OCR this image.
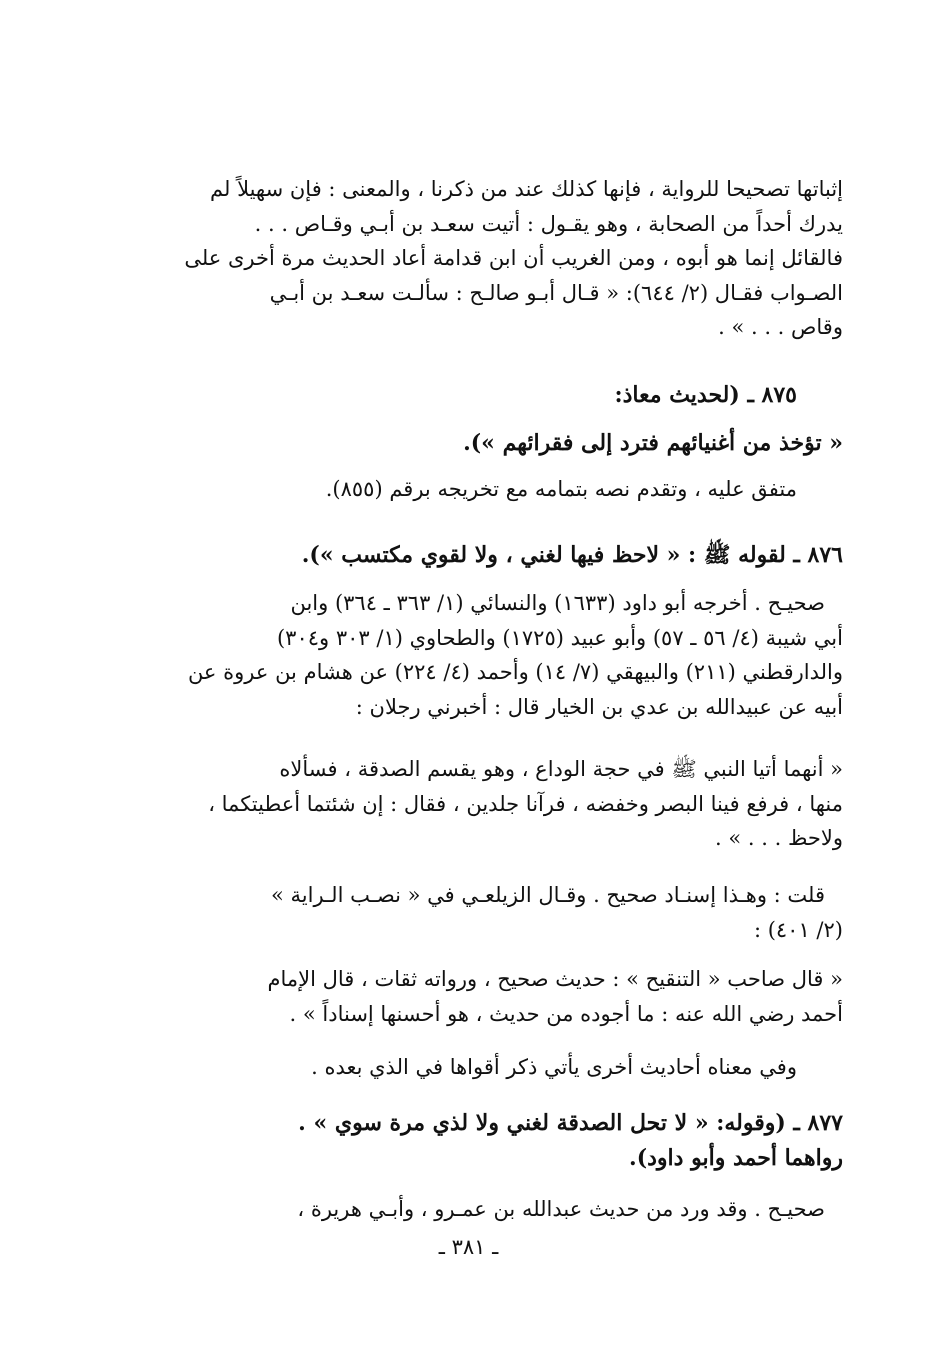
إثباتها تصحيحا للرواية ، فإنها كذلك عند من ذكرنا ، والمعنى : فإن سهيلاً لم
يدرك أحداً من الصحابة ، وهو يقـول : أتيت سعـد بن أبـي وقـاص . . .
فالقائل إنما هو أبوه ، ومن الغريب أن ابن قدامة أعاد الحديث مرة أخرى على
الصـواب فقـال (٢/ ٦٤٤): « قـال أبـو صالـح : سألـت سعـد بن أبـي
وقاص . . . » .
٨٧٥ ـ (لحديث معاذ:
« تؤخذ من أغنيائهم فترد إلى فقرائهم »).
متفق عليه ، وتقدم نصه بتمامه مع تخريجه برقم (٨٥٥).
٨٧٦ ـ لقوله ﷺ : « لاحظ فيها لغني ، ولا لقوي مكتسب »).
صحيـح . أخرجه أبو داود (١٦٣٣) والنسائي (١/ ٣٦٣ ـ ٣٦٤) وابن
أبي شيبة (٤/ ٥٦ ـ ٥٧) وأبو عبيد (١٧٢٥) والطحاوي (١/ ٣٠٣ و٣٠٤)
والدارقطني (٢١١) والبيهقي (٧/ ١٤) وأحمد (٤/ ٢٢٤) عن هشام بن عروة عن
أبيه عن عبيدالله بن عدي بن الخيار قال : أخبرني رجلان :
« أنهما أتيا النبي ﷺ في حجة الوداع ، وهو يقسم الصدقة ، فسألاه
منها ، فرفع فينا البصر وخفضه ، فرآنا جلدين ، فقال : إن شئتما أعطيتكما ،
ولاحظ . . . » .
قلت : وهـذا إسنـاد صحيح . وقـال الزيلعـي في « نصـب الـراية »
(٢/ ٤٠١) :
« قال صاحب « التنقيح » : حديث صحيح ، ورواته ثقات ، قال الإمام
أحمد رضي الله عنه : ما أجوده من حديث ، هو أحسنها إسناداً » .
وفي معناه أحاديث أخرى يأتي ذكر أقواها في الذي بعده .
٨٧٧ ـ (وقوله: « لا تحل الصدقة لغني ولا لذي مرة سوي » .
رواهما أحمد وأبو داود).
صحيـح . وقد ورد من حديث عبدالله بن عمـرو ، وأبـي هريرة ،
ـ ٣٨١ ـ
